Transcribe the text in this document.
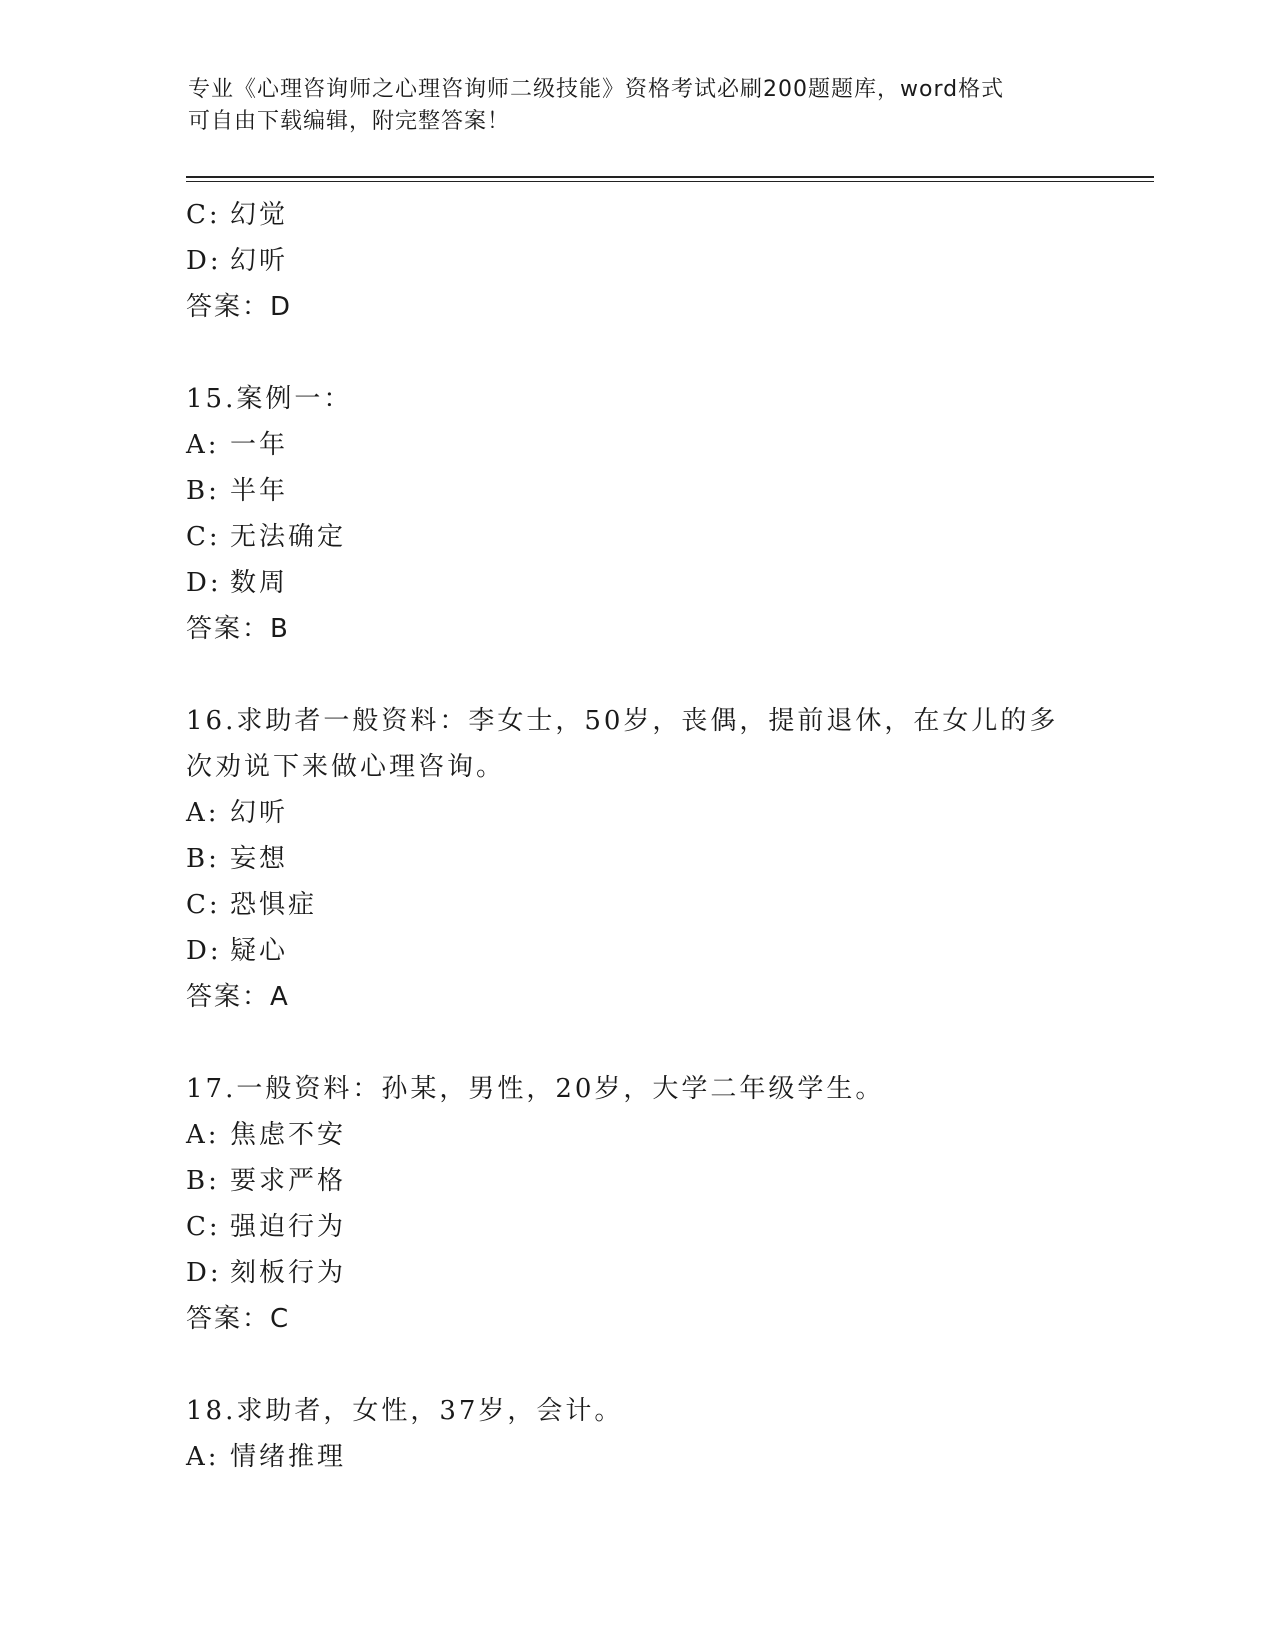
专业《心理咨询师之心理咨询师二级技能》资格考试必刷200题题库，word格式
可自由下载编辑，附完整答案！
C: 幻觉
D: 幻听
答案：D
15.案例一：
A: 一年
B: 半年
C: 无法确定
D: 数周
答案：B
16.求助者一般资料：李女士，50岁，丧偶，提前退休，在女儿的多次劝说下来做心理咨询。
A: 幻听
B: 妄想
C: 恐惧症
D: 疑心
答案：A
17.一般资料：孙某，男性，20岁，大学二年级学生。
A: 焦虑不安
B: 要求严格
C: 强迫行为
D: 刻板行为
答案：C
18.求助者，女性，37岁，会计。
A: 情绪推理
